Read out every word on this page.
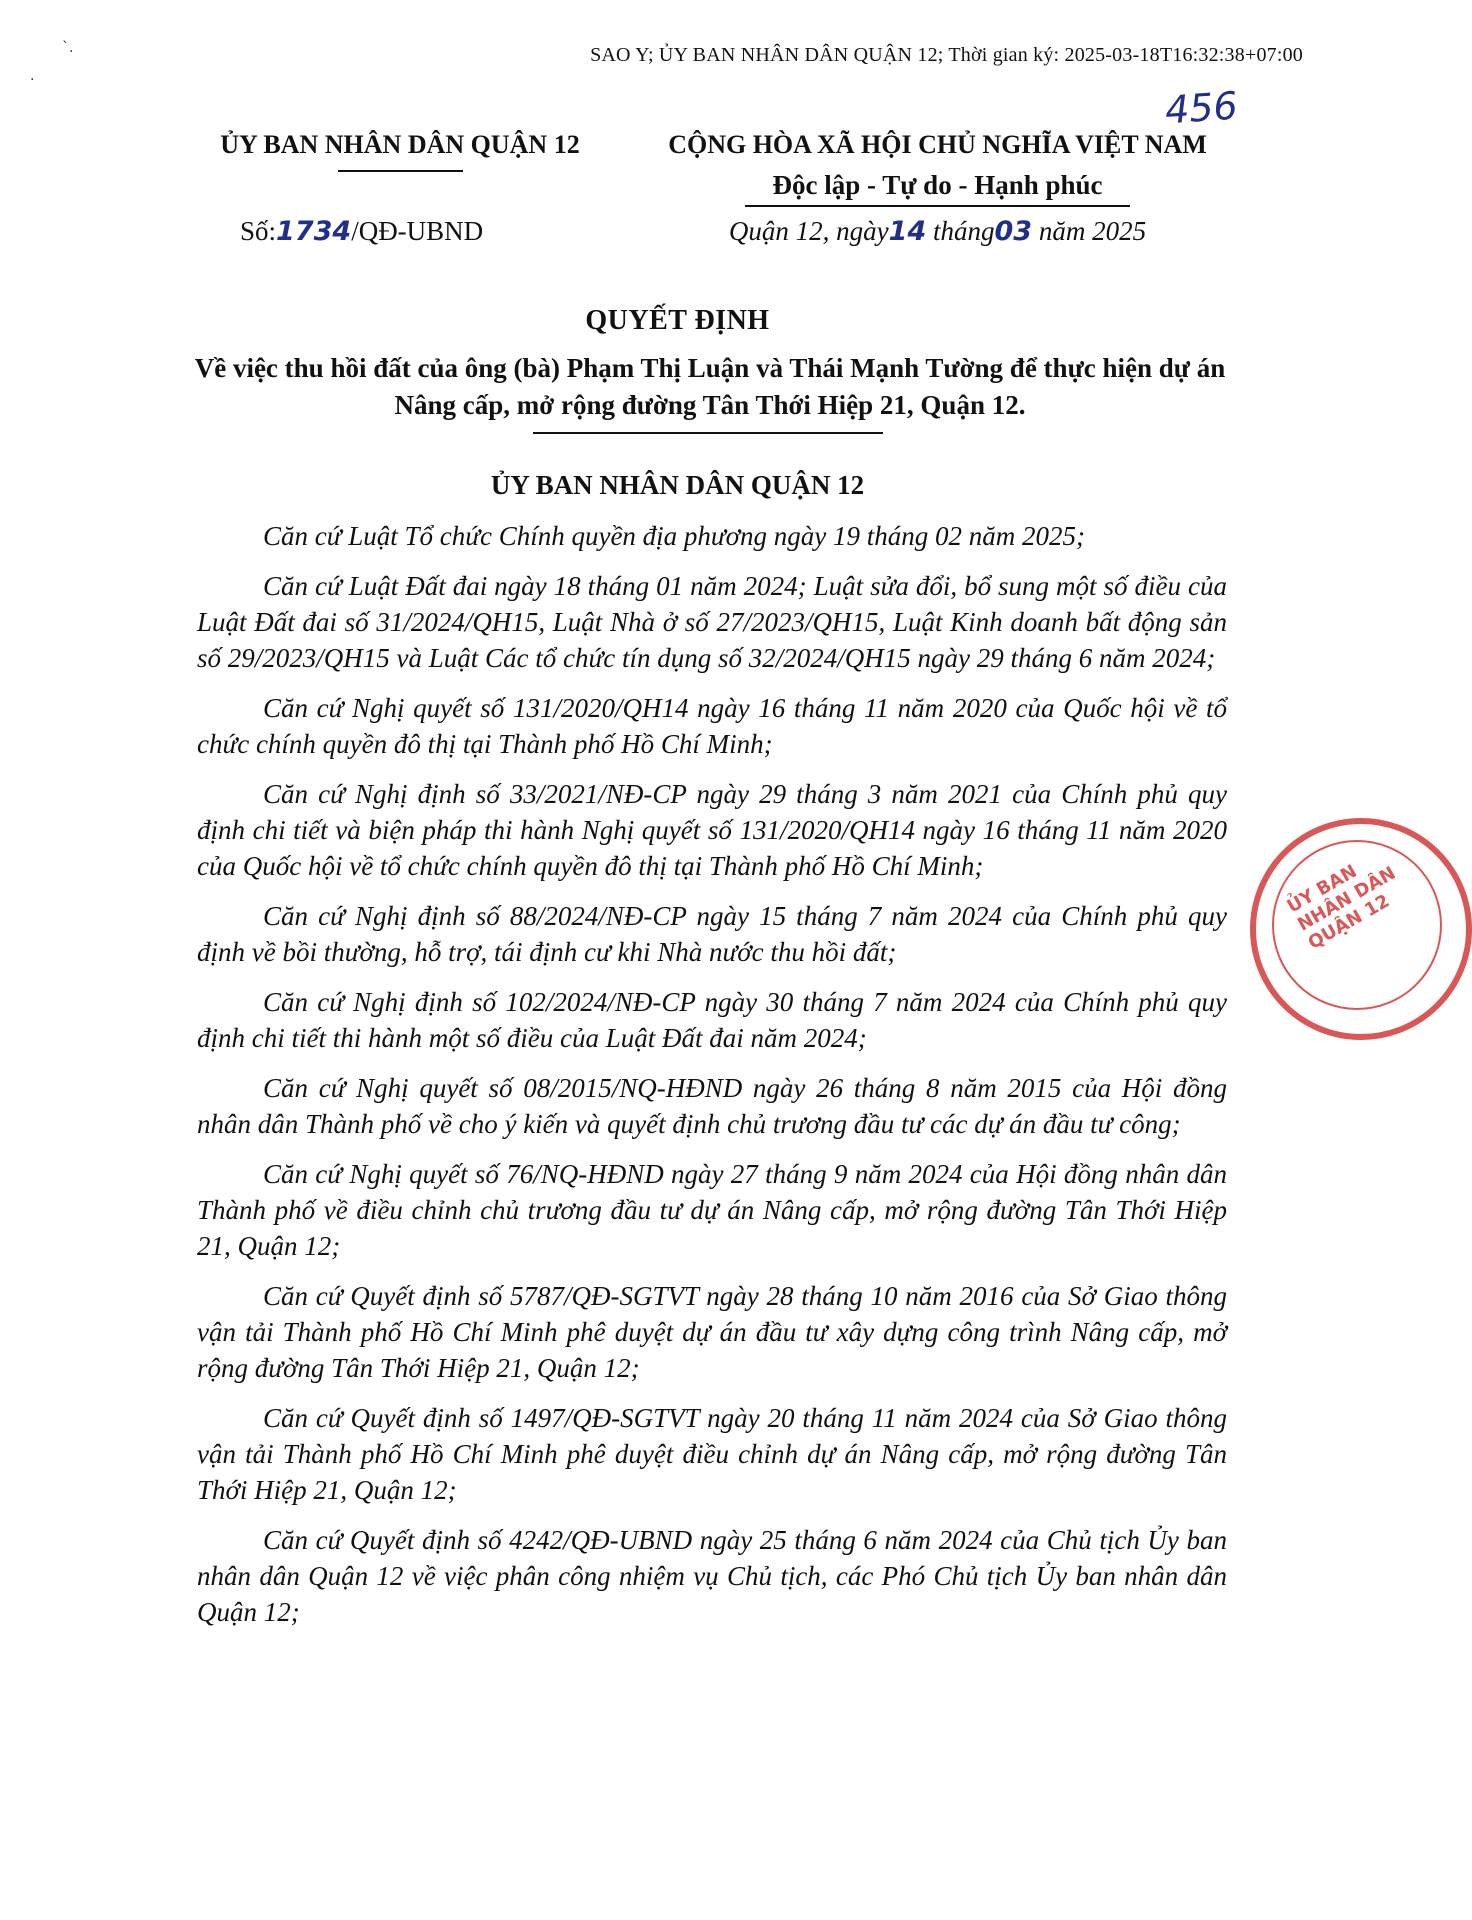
`.
.
SAO Y; ỦY BAN NHÂN DÂN QUẬN 12; Thời gian ký: 2025-03-18T16:32:38+07:00
456
ỦY BAN NHÂN DÂN QUẬN 12
Số:1734/QĐ-UBND
CỘNG HÒA XÃ HỘI CHỦ NGHĨA VIỆT NAM
Độc lập - Tự do - Hạnh phúc
Quận 12, ngày14 tháng03 năm 2025
QUYẾT ĐỊNH
Về việc thu hồi đất của ông (bà) Phạm Thị Luận và Thái Mạnh Tường để thực hiện dự án Nâng cấp, mở rộng đường Tân Thới Hiệp 21, Quận 12.
ỦY BAN NHÂN DÂN QUẬN 12

Căn cứ Luật Tổ chức Chính quyền địa phương ngày 19 tháng 02 năm 2025;

Căn cứ Luật Đất đai ngày 18 tháng 01 năm 2024; Luật sửa đổi, bổ sung một số điều của Luật Đất đai số 31/2024/QH15, Luật Nhà ở số 27/2023/QH15, Luật Kinh doanh bất động sản số 29/2023/QH15 và Luật Các tổ chức tín dụng số 32/2024/QH15 ngày 29 tháng 6 năm 2024;

Căn cứ Nghị quyết số 131/2020/QH14 ngày 16 tháng 11 năm 2020 của Quốc hội về tổ chức chính quyền đô thị tại Thành phố Hồ Chí Minh;

Căn cứ Nghị định số 33/2021/NĐ-CP ngày 29 tháng 3 năm 2021 của Chính phủ quy định chi tiết và biện pháp thi hành Nghị quyết số 131/2020/QH14 ngày 16 tháng 11 năm 2020 của Quốc hội về tổ chức chính quyền đô thị tại Thành phố Hồ Chí Minh;

Căn cứ Nghị định số 88/2024/NĐ-CP ngày 15 tháng 7 năm 2024 của Chính phủ quy định về bồi thường, hỗ trợ, tái định cư khi Nhà nước thu hồi đất;

Căn cứ Nghị định số 102/2024/NĐ-CP ngày 30 tháng 7 năm 2024 của Chính phủ quy định chi tiết thi hành một số điều của Luật Đất đai năm 2024;

Căn cứ Nghị quyết số 08/2015/NQ-HĐND ngày 26 tháng 8 năm 2015 của Hội đồng nhân dân Thành phố về cho ý kiến và quyết định chủ trương đầu tư các dự án đầu tư công;

Căn cứ Nghị quyết số 76/NQ-HĐND ngày 27 tháng 9 năm 2024 của Hội đồng nhân dân Thành phố về điều chỉnh chủ trương đầu tư dự án Nâng cấp, mở rộng đường Tân Thới Hiệp 21, Quận 12;

Căn cứ Quyết định số 5787/QĐ-SGTVT ngày 28 tháng 10 năm 2016 của Sở Giao thông vận tải Thành phố Hồ Chí Minh phê duyệt dự án đầu tư xây dựng công trình Nâng cấp, mở rộng đường Tân Thới Hiệp 21, Quận 12;

Căn cứ Quyết định số 1497/QĐ-SGTVT ngày 20 tháng 11 năm 2024 của Sở Giao thông vận tải Thành phố Hồ Chí Minh phê duyệt điều chỉnh dự án Nâng cấp, mở rộng đường Tân Thới Hiệp 21, Quận 12;

Căn cứ Quyết định số 4242/QĐ-UBND ngày 25 tháng 6 năm 2024 của Chủ tịch Ủy ban nhân dân Quận 12 về việc phân công nhiệm vụ Chủ tịch, các Phó Chủ tịch Ủy ban nhân dân Quận 12;

ỦY BAN NHÂN DÂN QUẬN 12
